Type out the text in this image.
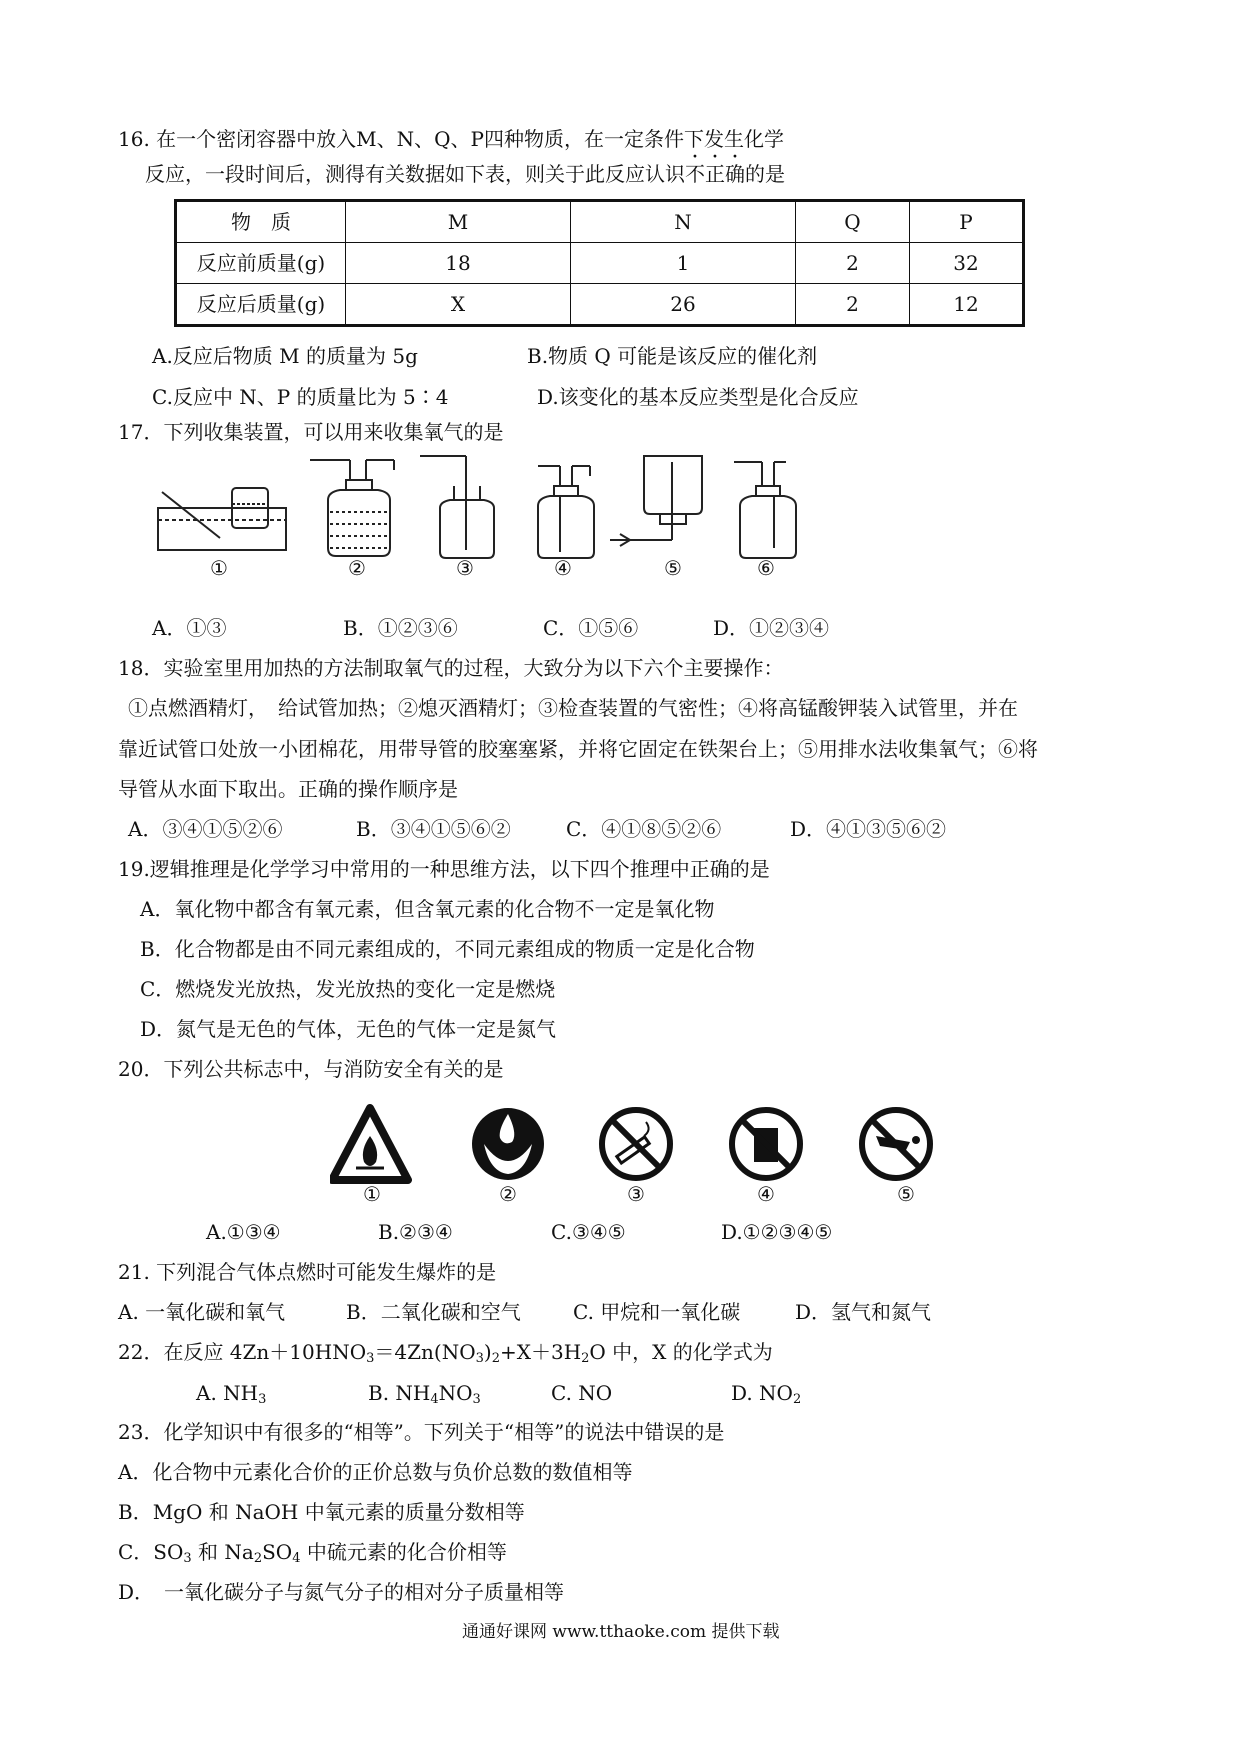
16. 在一个密闭容器中放入M、N、Q、P四种物质，在一定条件下发生化学
反应，一段时间后，测得有关数据如下表，则关于此反应认识不正确的是
物　质	M	N	Q	P
反应前质量(g)	18	1	2	32
反应后质量(g)	X	26	2	12
A.反应后物质 M 的质量为 5g	B.物质 Q 可能是该反应的催化剂
C.反应中 N、P 的质量比为 5∶4	D.该变化的基本反应类型是化合反应
17．下列收集装置，可以用来收集氧气的是
①	②	③	④	⑤	⑥
A．①③	B．①②③⑥	C．①⑤⑥	D．①②③④
18．实验室里用加热的方法制取氧气的过程，大致分为以下六个主要操作：
①点燃酒精灯，　给试管加热；②熄灭酒精灯；③检查装置的气密性；④将高锰酸钾装入试管里，并在
靠近试管口处放一小团棉花，用带导管的胶塞塞紧，并将它固定在铁架台上；⑤用排水法收集氧气；⑥将
导管从水面下取出。正确的操作顺序是
A．③④①⑤②⑥	B．③④①⑤⑥②	C．④①⑧⑤②⑥	D．④①③⑤⑥②
19.逻辑推理是化学学习中常用的一种思维方法，以下四个推理中正确的是
A．氧化物中都含有氧元素，但含氧元素的化合物不一定是氧化物
B．化合物都是由不同元素组成的，不同元素组成的物质一定是化合物
C．燃烧发光放热，发光放热的变化一定是燃烧
D．氮气是无色的气体，无色的气体一定是氮气
20．下列公共标志中，与消防安全有关的是
①	②	③	④	⑤
A.①③④	B.②③④	C.③④⑤	D.①②③④⑤
21. 下列混合气体点燃时可能发生爆炸的是
A. 一氧化碳和氧气	B．二氧化碳和空气	C. 甲烷和一氧化碳	D．氢气和氮气
22．在反应 $4Zn+10HNO_3=4Zn(NO_3)_2+X+3H_2O$ 中，X 的化学式为
A. $NH_3$	B. $NH_4NO_3$	C. NO	D. $NO_2$
23．化学知识中有很多的“相等”。下列关于“相等”的说法中错误的是
A．化合物中元素化合价的正价总数与负价总数的数值相等
B．MgO 和 NaOH 中氧元素的质量分数相等
C．$SO_3$ 和 $Na_2SO_4$ 中硫元素的化合价相等
D．　一氧化碳分子与氮气分子的相对分子质量相等
通通好课网 www.tthaoke.com 提供下载
